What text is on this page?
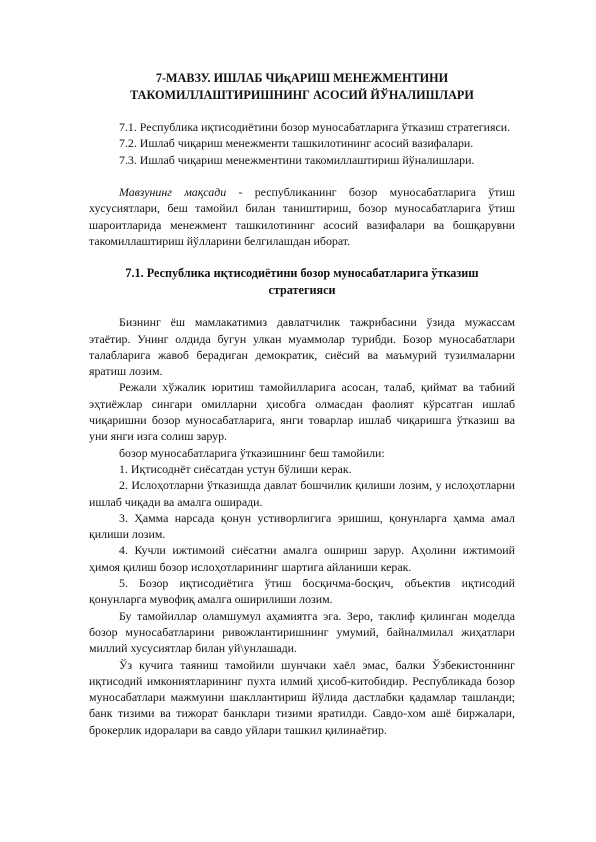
7-МАВЗУ. ИШЛАБ ЧИқАРИШ МЕНЕЖМЕНТИНИ
ТАКОМИЛЛАШТИРИШНИНГ АСОСИЙ ЙЎНАЛИШЛАРИ

7.1. Республика иқтисодиётини бозор муносабатларига ўтказиш стратегияси.

7.2. Ишлаб чиқариш менежменти ташкилотининг асосий вазифалари.

7.3. Ишлаб чиқариш менежментини такомиллаштириш йўналишлари.

Мавзунинг мақсади - республиканинг бозор муносабатларига ўтиш хусусиятлари, беш тамойил билан таништириш, бозор муносабатларига ўтиш шароитларида менежмент ташкилотининг асосий вазифалари ва бошқарувни такомиллаштириш йўлларини белгилашдан иборат.

7.1. Республика иқтисодиётини бозор муносабатларига ўтказиш стратегияси

Бизнинг ёш мамлакатимиз давлатчилик тажрибасини ўзида мужассам этаётир. Унинг олдида бугун улкан муаммолар турибди. Бозор муносабатлари талабларига жавоб берадиган демократик, сиёсий ва маъмурий тузилмаларни яратиш лозим.

Режали хўжалик юритиш тамойилларига асосан, талаб, қиймат ва табиий эҳтиёжлар сингари омилларни ҳисобга олмасдан фаолият кўрсатган ишлаб чиқаришни бозор муносабатларига, янги товарлар ишлаб чиқаришга ўтказиш ва уни янги изга солиш зарур.

бозор муносабатларига ўтказишнинг беш тамойили:

1. Иқтисоднёт сиёсатдан устун бўлиши керак.

2. Ислоҳотларни ўтказишда давлат бошчилик қилиши лозим, у ислоҳотларни ишлаб чиқади ва амалга оширади.

3. Ҳамма нарсада қонун устиворлигига эришиш, қонунларга ҳамма амал қилиши лозим.

4. Кучли ижтимоий сиёсатни амалга ошириш зарур. Аҳолини ижтимоий ҳимоя қилиш бозор ислоҳотларининг шартига айланиши керак.

5. Бозор иқтисодиётига ўтиш босқичма-босқич, объектив иқтисодий қонунларга мувофиқ амалга оширилиши лозим.

Бу тамойиллар оламшумул аҳамиятга эга. Зеро, таклиф қилинган моделда бозор муносабатларини ривожлантиришнинг умумий, байналмилал жиҳатлари миллий хусусиятлар билан уй\унлашади.

Ўз кучига таяниш тамойили шунчаки хаёл эмас, балки Ўзбекистоннинг иқтисодий имкониятларининг пухта илмий ҳисоб-китобидир. Республикада бозор муносабатлари мажмуини шакллантириш йўлида дастлабки қадамлар ташланди; банк тизими ва тижорат банклари тизими яратилди. Савдо-хом ашё биржалари, брокерлик идоралари ва савдо уйлари ташкил қилинаётир.
